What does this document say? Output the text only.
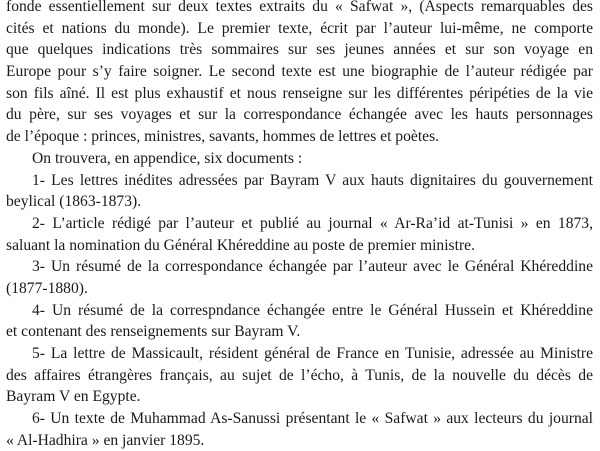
fonde essentiellement sur deux textes extraits du « Safwat », (Aspects remarquables des
cités et nations du monde). Le premier texte, écrit par l’auteur lui-même, ne comporte
que quelques indications très sommaires sur ses jeunes années et sur son voyage en
Europe pour s’y faire soigner. Le second texte est une biographie de l’auteur rédigée par
son fils aîné. Il est plus exhaustif et nous renseigne sur les différentes péripéties de la vie
du père, sur ses voyages et sur la correspondance échangée avec les hauts personnages
de l’époque : princes, ministres, savants, hommes de lettres et poètes.
On trouvera, en appendice, six documents :
1- Les lettres inédites adressées par Bayram V aux hauts dignitaires du gouvernement
beylical (1863-1873).
2- L’article rédigé par l’auteur et publié au journal « Ar-Ra’id at-Tunisi » en 1873,
saluant la nomination du Général Khéreddine au poste de premier ministre.
3- Un résumé de la correspondance échangée par l’auteur avec le Général Khéreddine
(1877-1880).
4- Un résumé de la correspndance échangée entre le Général Hussein et Khéreddine
et contenant des renseignements sur Bayram V.
5- La lettre de Massicault, résident général de France en Tunisie, adressée au Ministre
des affaires étrangères français, au sujet de l’écho, à Tunis, de la nouvelle du décès de
Bayram V en Egypte.
6- Un texte de Muhammad As-Sanussi présentant le « Safwat » aux lecteurs du journal
« Al-Hadhira » en janvier 1895.
